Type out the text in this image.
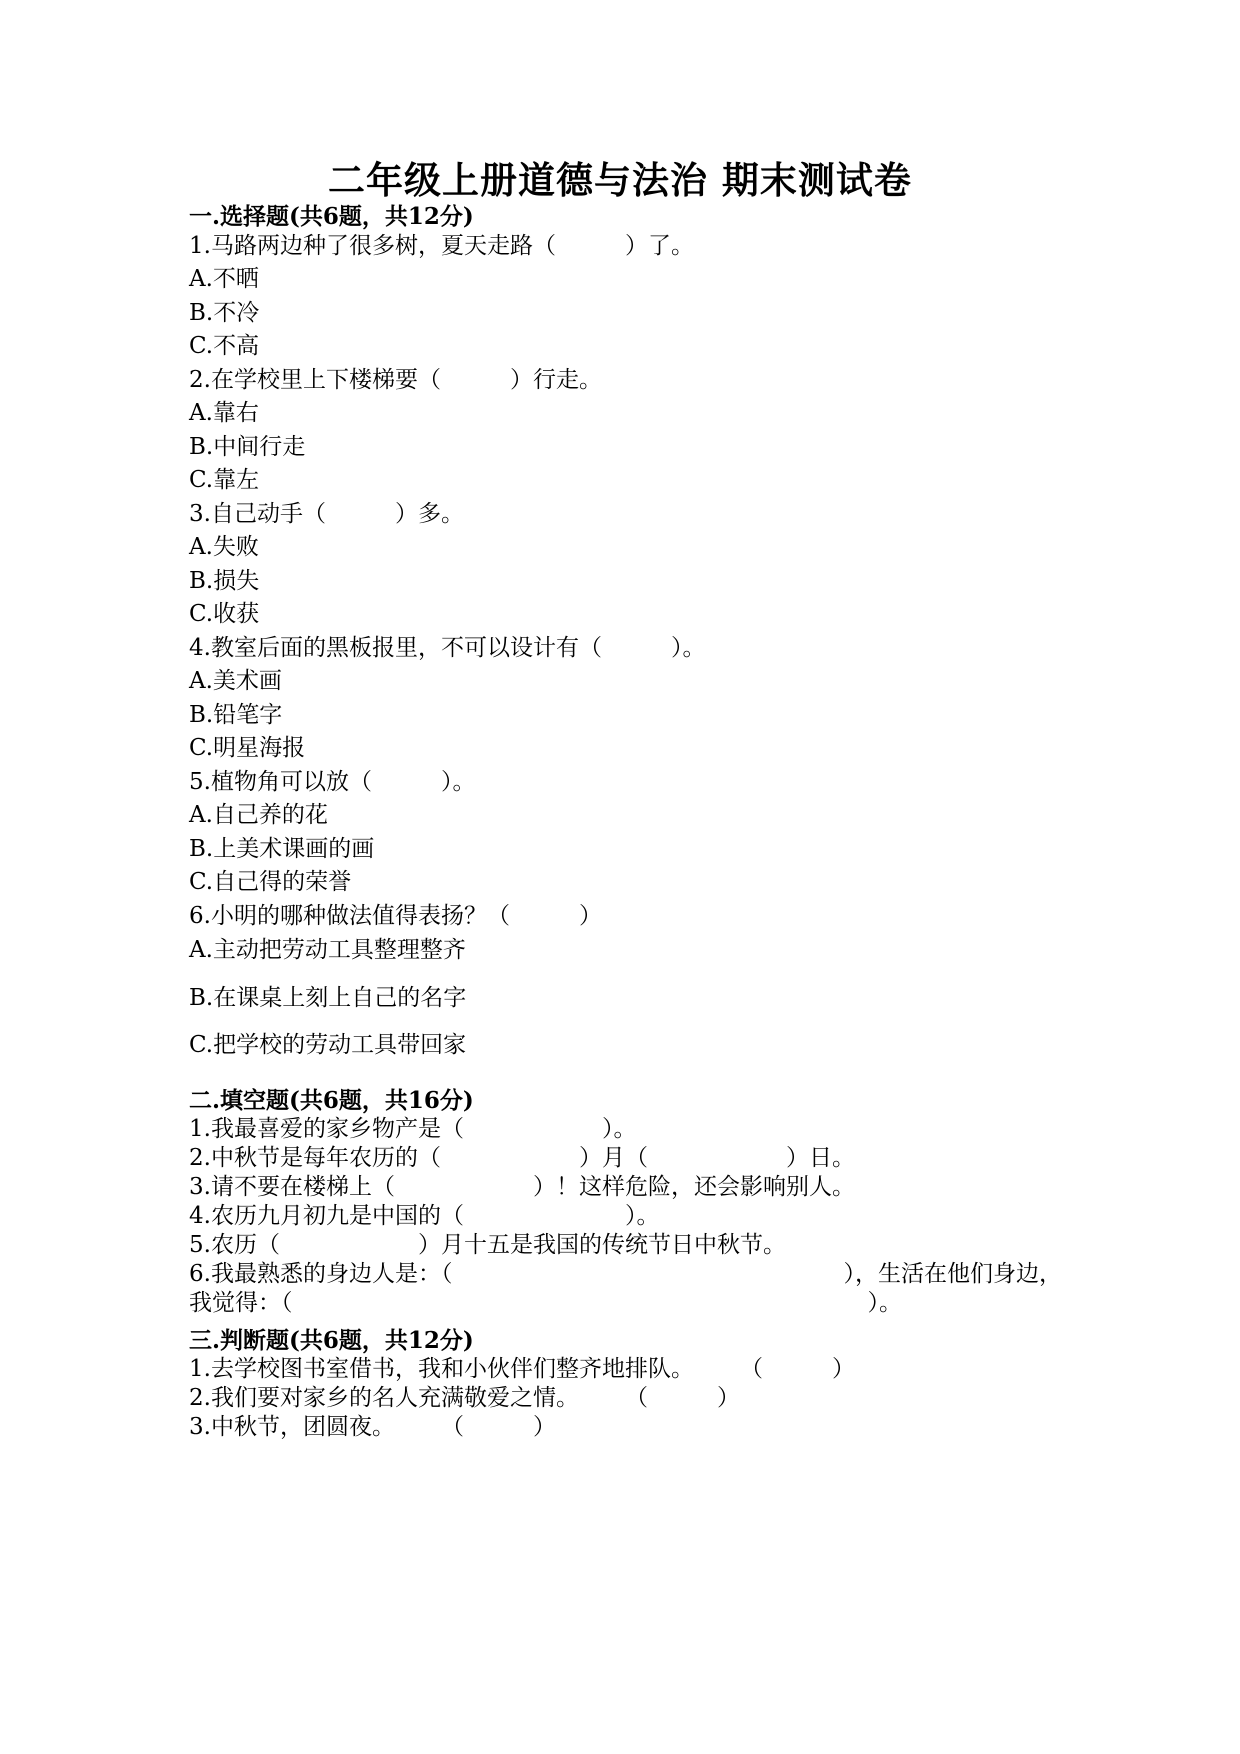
二年级上册道德与法治 期末测试卷
一.选择题(共6题，共12分)
1.马路两边种了很多树，夏天走路（　　　）了。
A.不晒
B.不冷
C.不高
2.在学校里上下楼梯要（　　　）行走。
A.靠右
B.中间行走
C.靠左
3.自己动手（　　　）多。
A.失败
B.损失
C.收获
4.教室后面的黑板报里，不可以设计有（　　　）。
A.美术画
B.铅笔字
C.明星海报
5.植物角可以放（　　　）。
A.自己养的花
B.上美术课画的画
C.自己得的荣誉
6.小明的哪种做法值得表扬？（　　　）
A.主动把劳动工具整理整齐
B.在课桌上刻上自己的名字
C.把学校的劳动工具带回家
二.填空题(共6题，共16分)
1.我最喜爱的家乡物产是（　　　　　　）。
2.中秋节是每年农历的（　　　　　　）月（　　　　　　）日。
3.请不要在楼梯上（　　　　　　）！这样危险，还会影响别人。
4.农历九月初九是中国的（　　　　　　　）。
5.农历（　　　　　　）月十五是我国的传统节日中秋节。
6.我最熟悉的身边人是：（　　　　　　　　　　　　　　　　　），生活在他们身边，
我觉得：（　　　　　　　　　　　　　　　　　　　　　　　　　）。
三.判断题(共6题，共12分)
1.去学校图书室借书，我和小伙伴们整齐地排队。　　　（　　　）
2.我们要对家乡的名人充满敬爱之情。　　　（　　　）
3.中秋节，团圆夜。　　　（　　　）
